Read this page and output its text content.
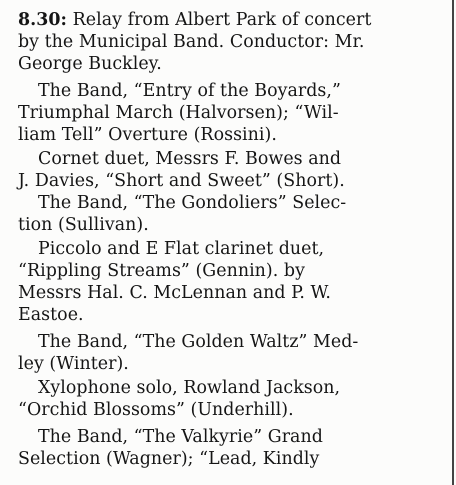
8.30: Relay from Albert Park of concert
by the Municipal Band. Conductor: Mr.
George Buckley.
The Band, “Entry of the Boyards,”
Triumphal March (Halvorsen); “Wil-
liam Tell” Overture (Rossini).
Cornet duet, Messrs F. Bowes and
J. Davies, “Short and Sweet” (Short).
The Band, “The Gondoliers” Selec-
tion (Sullivan).
Piccolo and E Flat clarinet duet,
“Rippling Streams” (Gennin). by
Messrs Hal. C. McLennan and P. W.
Eastoe.
The Band, “The Golden Waltz” Med-
ley (Winter).
Xylophone solo, Rowland Jackson,
“Orchid Blossoms” (Underhill).
The Band, “The Valkyrie” Grand
Selection (Wagner); “Lead, Kindly
